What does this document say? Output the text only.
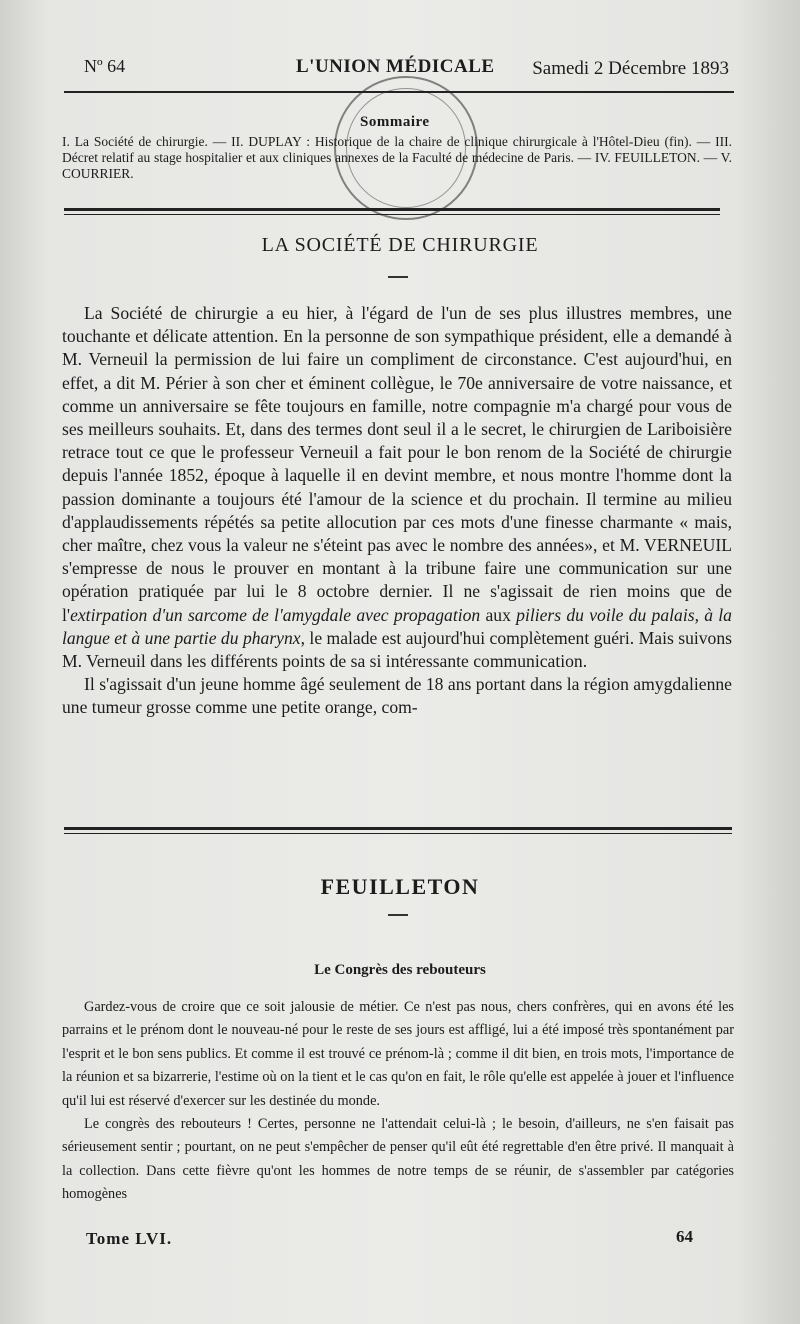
Nº 64	L'UNION MÉDICALE Samedi 2 Décembre 1893
Sommaire
I. La Société de chirurgie. — II. DUPLAY : Historique de la chaire de clinique chirurgicale à l'Hôtel-Dieu (fin). — III. Décret relatif au stage hospitalier et aux cliniques annexes de la Faculté de médecine de Paris. — IV. FEUILLETON. — V. COURRIER.
LA SOCIÉTÉ DE CHIRURGIE

La Société de chirurgie a eu hier, à l'égard de l'un de ses plus illustres membres, une touchante et délicate attention. En la personne de son sympathique président, elle a demandé à M. Verneuil la permission de lui faire un compliment de circonstance. C'est aujourd'hui, en effet, a dit M. Périer à son cher et éminent collègue, le 70e anniversaire de votre naissance, et comme un anniversaire se fête toujours en famille, notre compagnie m'a chargé pour vous de ses meilleurs souhaits. Et, dans des termes dont seul il a le secret, le chirurgien de Lariboisière retrace tout ce que le professeur Verneuil a fait pour le bon renom de la Société de chirurgie depuis l'année 1852, époque à laquelle il en devint membre, et nous montre l'homme dont la passion dominante a toujours été l'amour de la science et du prochain. Il termine au milieu d'applaudissements répétés sa petite allocution par ces mots d'une finesse charmante « mais, cher maître, chez vous la valeur ne s'éteint pas avec le nombre des années», et M. VERNEUIL s'empresse de nous le prouver en montant à la tribune faire une communication sur une opération pratiquée par lui le 8 octobre dernier. Il ne s'agissait de rien moins que de l'extirpation d'un sarcome de l'amygdale avec propagation aux piliers du voile du palais, à la langue et à une partie du pharynx, le malade est aujourd'hui complètement guéri. Mais suivons M. Verneuil dans les différents points de sa si intéressante communication.

Il s'agissait d'un jeune homme âgé seulement de 18 ans portant dans la région amygdalienne une tumeur grosse comme une petite orange, com-

FEUILLETON
Le Congrès des rebouteurs

Gardez-vous de croire que ce soit jalousie de métier. Ce n'est pas nous, chers confrères, qui en avons été les parrains et le prénom dont le nouveau-né pour le reste de ses jours est affligé, lui a été imposé très spontanément par l'esprit et le bon sens publics. Et comme il est trouvé ce prénom-là ; comme il dit bien, en trois mots, l'importance de la réunion et sa bizarrerie, l'estime où on la tient et le cas qu'on en fait, le rôle qu'elle est appelée à jouer et l'influence qu'il lui est réservé d'exercer sur les destinée du monde.

Le congrès des rebouteurs ! Certes, personne ne l'attendait celui-là ; le besoin, d'ailleurs, ne s'en faisait pas sérieusement sentir ; pourtant, on ne peut s'empêcher de penser qu'il eût été regrettable d'en être privé. Il manquait à la collection. Dans cette fièvre qu'ont les hommes de notre temps de se réunir, de s'assembler par catégories homogènes

Tome LVI.	64
